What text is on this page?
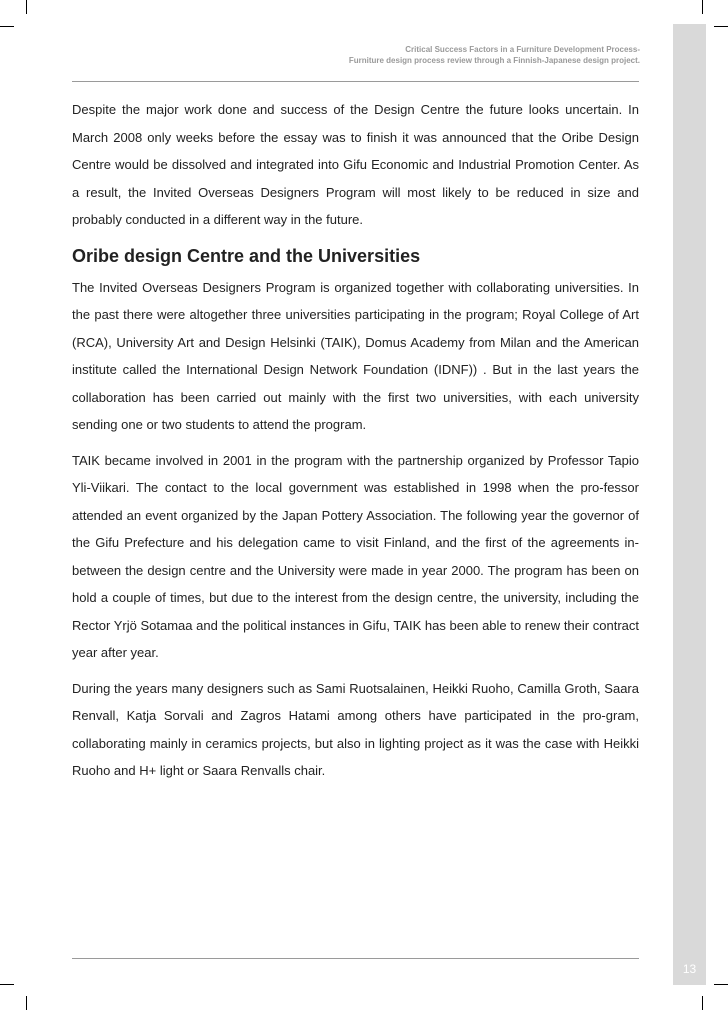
13
Critical Success Factors in a Furniture Development Process-
Furniture design process review through a Finnish-Japanese design project.

Despite the major work done and success of the Design Centre the future looks uncertain. In March 2008 only weeks before the essay was to finish it was announced that the Oribe Design Centre would be dissolved and integrated into Gifu Economic and Industrial Promotion Center. As a result, the Invited Overseas Designers Program will most likely to be reduced in size and probably conducted in a different way in the future.

Oribe design Centre and the Universities

The Invited Overseas Designers Program is organized together with collaborating universities. In the past there were altogether three universities participating in the program; Royal College of Art (RCA), University Art and Design Helsinki (TAIK), Domus Academy from Milan and the American institute called the International Design Network Foundation (IDNF)) . But in the last years the collaboration has been carried out mainly with the first two universities, with each university sending one or two students to attend the program.

TAIK became involved in 2001 in the program with the partnership organized by Professor Tapio Yli-Viikari. The contact to the local government was established in 1998 when the pro-fessor attended an event organized by the Japan Pottery Association. The following year the governor of the Gifu Prefecture and his delegation came to visit Finland, and the first of the agreements in-between the design centre and the University were made in year 2000. The program has been on hold a couple of times, but due to the interest from the design centre, the university, including the Rector Yrjö Sotamaa and the political instances in Gifu, TAIK has been able to renew their contract year after year.

During the years many designers such as Sami Ruotsalainen, Heikki Ruoho, Camilla Groth, Saara Renvall, Katja Sorvali and Zagros Hatami among others have participated in the pro-gram, collaborating mainly in ceramics projects, but also in lighting project as it was the case with Heikki Ruoho and H+ light or Saara Renvalls chair.
